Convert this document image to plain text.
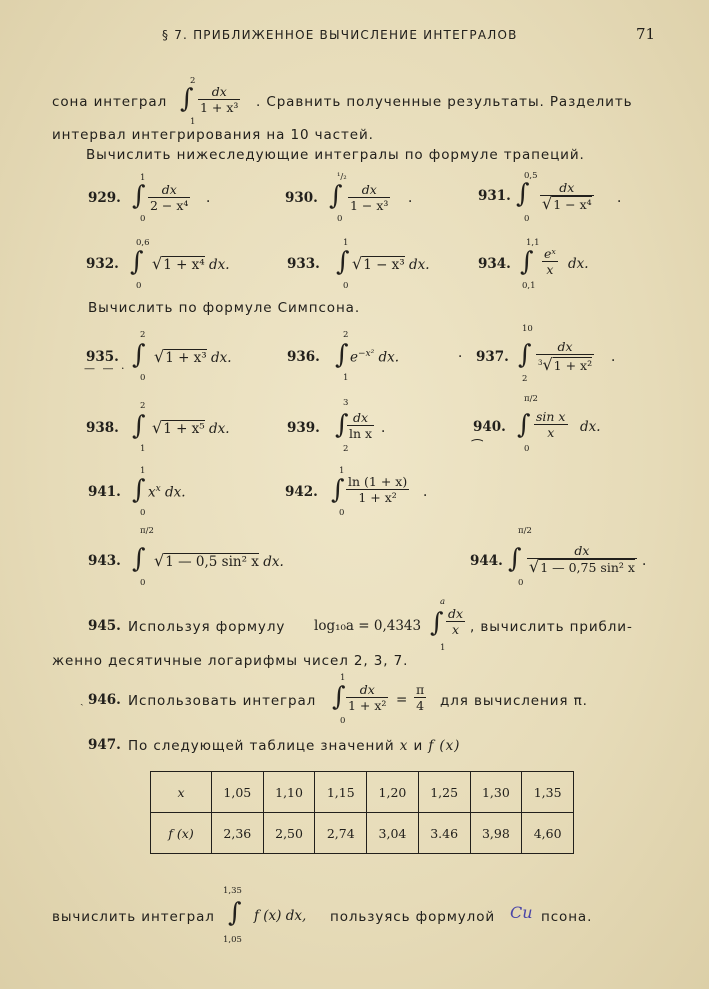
§ 7. ПРИБЛИЖЕННОЕ ВЫЧИСЛЕНИЕ ИНТЕГРАЛОВ	71
сона интеграл
2
∫
1
$\frac{dx}{\text{1 + x³}}$ . Сравнить полученные результаты. Разделить
интервал интегрирования на 10 частей.
Вычислить нижеследующие интегралы по формуле трапеций.
929.
1
∫
0
$\frac{dx}{\text{2 − x⁴}}$ .	930.
¹/₂
∫
0
$\frac{dx}{\text{1 − x³}}$ .	931.
0,5
∫
0
$\frac{dx}{\text{√1 − x⁴}}$ .
932.
0,6
∫
0
√1 + x⁴ dx.	933.
1
∫
0
√1 − x³ dx.	934.
1,1
∫
0,1
$\frac{\text{eˣ}}{x}$ dx.
Вычислить по формуле Симпсона.
935.
— — ·
2
∫
0
√1 + x³ dx.	936.
2
∫
1
$e^{-x^2}$ dx.	· 937.
10
∫
2
$\frac{dx}{^3√1 + x^2}$ .
938.
2
∫
1
√1 + x⁵ dx.	939.
3
∫
2
$\frac{dx}{\text{ln x}}$ .	940.
⁀
π/2
∫
0
$\frac{\text{sin x}}{x}$ dx.
941.
1
∫
0
$x^x$ dx.	942.
1
∫
0
$\frac{\ln (1 + x)}{\text{1 + x²}}$ .
943.
π/2
∫
0
√1 — 0,5 sin² x dx.	944.
π/2
∫
0
$\frac{dx}{\text{√1 — 0,75 sin² x}}$ .
945. Используя формулу log₁₀a = 0,4343
a
∫
1
$\frac{dx}{x}$ , вычислить прибли-
женно десятичные логарифмы чисел 2, 3, 7.
ˎ 946. Использовать интеграл
1
∫
0
$\frac{dx}{\text{1 + x²}} = \frac{\pi}{4}$ для вычисления π.
947. По следующей таблице значений x и f (x)
x	1,05	1,10	1,15	1,20	1,25	1,30	1,35
f (x)	2,36	2,50	2,74	3,04	3.46	3,98	4,60
вычислить интеграл
1,35
∫
1,05
f (x) dx, пользуясь формулой Си псона.
